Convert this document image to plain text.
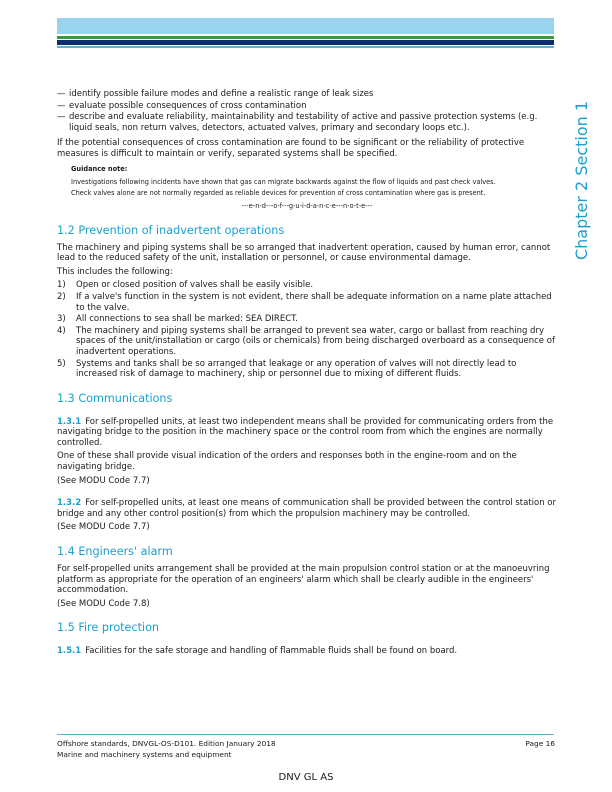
Chapter 2 Section 1
— identify possible failure modes and define a realistic range of leak sizes
— evaluate possible consequences of cross contamination
— describe and evaluate reliability, maintainability and testability of active and passive protection systems (e.g. liquid seals, non return valves, detectors, actuated valves, primary and secondary loops etc.).

If the potential consequences of cross contamination are found to be significant or the reliability of protective measures is difficult to maintain or verify, separated systems shall be specified.

Guidance note:
Investigations following incidents have shown that gas can migrate backwards against the flow of liquids and past check valves.
Check valves alone are not normally regarded as reliable devices for prevention of cross contamination where gas is present.
---e-n-d---o-f---g-u-i-d-a-n-c-e---n-o-t-e---
1.2 Prevention of inadvertent operations

The machinery and piping systems shall be so arranged that inadvertent operation, caused by human error, cannot lead to the reduced safety of the unit, installation or personnel, or cause environmental damage.

This includes the following:

1)	Open or closed position of valves shall be easily visible.
2)	If a valve's function in the system is not evident, there shall be adequate information on a name plate attached to the valve.
3)	All connections to sea shall be marked: SEA DIRECT.
4)	The machinery and piping systems shall be arranged to prevent sea water, cargo or ballast from reaching dry spaces of the unit/installation or cargo (oils or chemicals) from being discharged overboard as a consequence of inadvertent operations.
5)	Systems and tanks shall be so arranged that leakage or any operation of valves will not directly lead to increased risk of damage to machinery, ship or personnel due to mixing of different fluids.
1.3 Communications

1.3.1 For self-propelled units, at least two independent means shall be provided for communicating orders from the navigating bridge to the position in the machinery space or the control room from which the engines are normally controlled.

One of these shall provide visual indication of the orders and responses both in the engine-room and on the navigating bridge.

(See MODU Code 7.7)

1.3.2 For self-propelled units, at least one means of communication shall be provided between the control station or bridge and any other control position(s) from which the propulsion machinery may be controlled.

(See MODU Code 7.7)

1.4 Engineers' alarm

For self-propelled units arrangement shall be provided at the main propulsion control station or at the manoeuvring platform as appropriate for the operation of an engineers' alarm which shall be clearly audible in the engineers' accommodation.

(See MODU Code 7.8)

1.5 Fire protection

1.5.1 Facilities for the safe storage and handling of flammable fluids shall be found on board.

Offshore standards, DNVGL-OS-D101. Edition January 2018
Marine and machinery systems and equipment
Page 16
DNV GL AS
